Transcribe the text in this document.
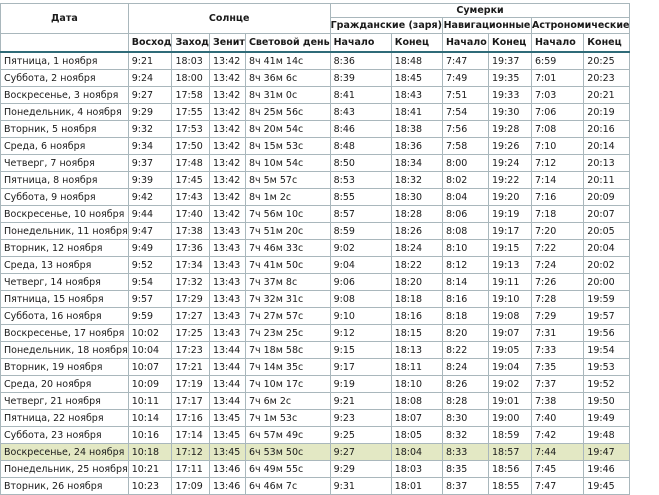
Дата	Солнце				Сумерки					
					Гражданские (заря)		Навигационные		Астрономические	
	Восход	Заход	Зенит	Световой день	Начало	Конец	Начало	Конец	Начало	Конец
Пятница, 1 ноября	9:21	18:03	13:42	8ч 41м 14с	8:36	18:48	7:47	19:37	6:59	20:25
Суббота, 2 ноября	9:24	18:00	13:42	8ч 36м 6с	8:39	18:45	7:49	19:35	7:01	20:23
Воскресенье, 3 ноября	9:27	17:58	13:42	8ч 31м 0с	8:41	18:43	7:51	19:33	7:03	20:21
Понедельник, 4 ноября	9:29	17:55	13:42	8ч 25м 56с	8:43	18:41	7:54	19:30	7:06	20:19
Вторник, 5 ноября	9:32	17:53	13:42	8ч 20м 54с	8:46	18:38	7:56	19:28	7:08	20:16
Среда, 6 ноября	9:34	17:50	13:42	8ч 15м 53с	8:48	18:36	7:58	19:26	7:10	20:14
Четверг, 7 ноября	9:37	17:48	13:42	8ч 10м 54с	8:50	18:34	8:00	19:24	7:12	20:13
Пятница, 8 ноября	9:39	17:45	13:42	8ч 5м 57с	8:53	18:32	8:02	19:22	7:14	20:11
Суббота, 9 ноября	9:42	17:43	13:42	8ч 1м 2с	8:55	18:30	8:04	19:20	7:16	20:09
Воскресенье, 10 ноября	9:44	17:40	13:42	7ч 56м 10с	8:57	18:28	8:06	19:19	7:18	20:07
Понедельник, 11 ноября	9:47	17:38	13:43	7ч 51м 20с	8:59	18:26	8:08	19:17	7:20	20:05
Вторник, 12 ноября	9:49	17:36	13:43	7ч 46м 33с	9:02	18:24	8:10	19:15	7:22	20:04
Среда, 13 ноября	9:52	17:34	13:43	7ч 41м 50с	9:04	18:22	8:12	19:13	7:24	20:02
Четверг, 14 ноября	9:54	17:32	13:43	7ч 37м 8с	9:06	18:20	8:14	19:11	7:26	20:00
Пятница, 15 ноября	9:57	17:29	13:43	7ч 32м 31с	9:08	18:18	8:16	19:10	7:28	19:59
Суббота, 16 ноября	9:59	17:27	13:43	7ч 27м 57с	9:10	18:16	8:18	19:08	7:29	19:57
Воскресенье, 17 ноября	10:02	17:25	13:43	7ч 23м 25с	9:12	18:15	8:20	19:07	7:31	19:56
Понедельник, 18 ноября	10:04	17:23	13:44	7ч 18м 58с	9:15	18:13	8:22	19:05	7:33	19:54
Вторник, 19 ноября	10:07	17:21	13:44	7ч 14м 35с	9:17	18:11	8:24	19:04	7:35	19:53
Среда, 20 ноября	10:09	17:19	13:44	7ч 10м 17с	9:19	18:10	8:26	19:02	7:37	19:52
Четверг, 21 ноября	10:11	17:17	13:44	7ч 6м 2с	9:21	18:08	8:28	19:01	7:38	19:50
Пятница, 22 ноября	10:14	17:16	13:45	7ч 1м 53с	9:23	18:07	8:30	19:00	7:40	19:49
Суббота, 23 ноября	10:16	17:14	13:45	6ч 57м 49с	9:25	18:05	8:32	18:59	7:42	19:48
Воскресенье, 24 ноября	10:18	17:12	13:45	6ч 53м 50с	9:27	18:04	8:33	18:57	7:44	19:47
Понедельник, 25 ноября	10:21	17:11	13:46	6ч 49м 55с	9:29	18:03	8:35	18:56	7:45	19:46
Вторник, 26 ноября	10:23	17:09	13:46	6ч 46м 7с	9:31	18:01	8:37	18:55	7:47	19:45
